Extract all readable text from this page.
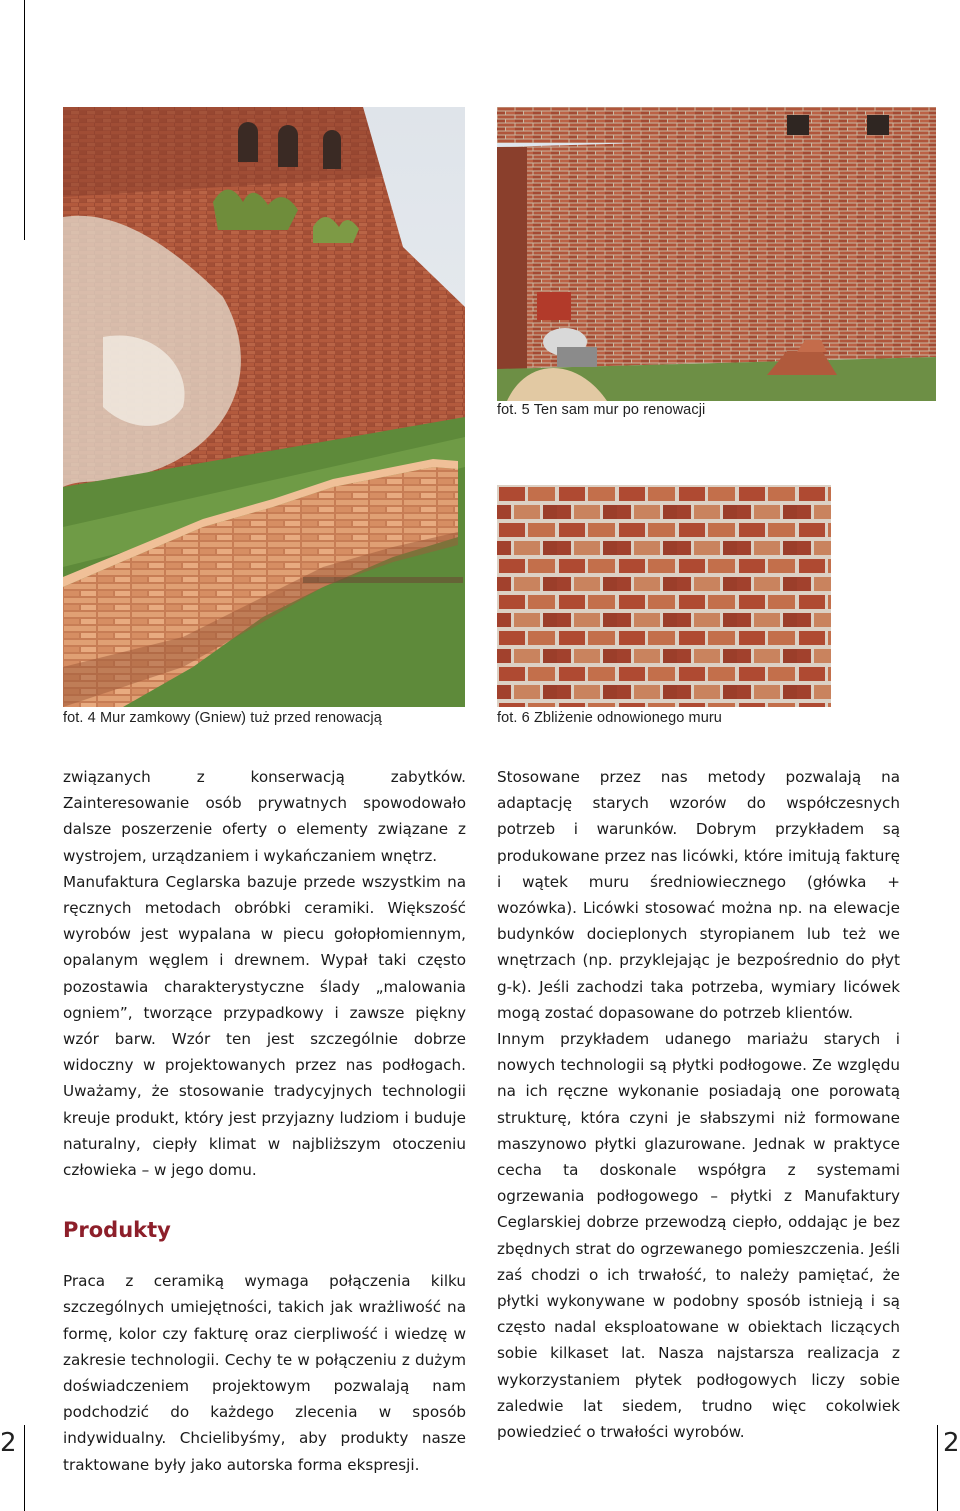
fot. 5 Ten sam mur po renowacji
fot. 4 Mur zamkowy (Gniew) tuż przed renowacją	fot. 6 Zbliżenie odnowionego muru

związanych z konserwacją zabytków. Zainteresowanie osób prywatnych spowodowało dalsze poszerzenie oferty o elementy związane z wystrojem, urządzaniem i wykańczaniem wnętrz.

Manufaktura Ceglarska bazuje przede wszystkim na ręcznych metodach obróbki ceramiki. Większość wyrobów jest wypalana w piecu gołopłomiennym, opalanym węglem i drewnem. Wypał taki często pozostawia charakterystyczne ślady „malowania ogniem”, tworzące przypadkowy i zawsze piękny wzór barw. Wzór ten jest szczególnie dobrze widoczny w projektowanych przez nas podłogach. Uważamy, że stosowanie tradycyjnych technologii kreuje produkt, który jest przyjazny ludziom i buduje naturalny, ciepły klimat w najbliższym otoczeniu człowieka – w jego domu.

Produkty

Praca z ceramiką wymaga połączenia kilku szczególnych umiejętności, takich jak wrażliwość na formę, kolor czy fakturę oraz cierpliwość i wiedzę w zakresie technologii. Cechy te w połączeniu z dużym doświadczeniem projektowym pozwalają nam podchodzić do każdego zlecenia w sposób indywidualny. Chcielibyśmy, aby produkty nasze traktowane były jako autorska forma ekspresji.

Stosowane przez nas metody pozwalają na adaptację starych wzorów do współczesnych potrzeb i warunków. Dobrym przykładem są produkowane przez nas licówki, które imitują fakturę i wątek muru średniowiecznego (główka + wozówka). Licówki stosować można np. na elewacje budynków docieplonych styropianem lub też we wnętrzach (np. przyklejając je bezpośrednio do płyt g-k). Jeśli zachodzi taka potrzeba, wymiary licówek mogą zostać dopasowane do potrzeb klientów.

Innym przykładem udanego mariażu starych i nowych technologii są płytki podłogowe. Ze względu na ich ręczne wykonanie posiadają one porowatą strukturę, która czyni je słabszymi niż formowane maszynowo płytki glazurowane. Jednak w praktyce cecha ta doskonale współgra z systemami ogrzewania podłogowego – płytki z Manufaktury Ceglarskiej dobrze przewodzą ciepło, oddając je bez zbędnych strat do ogrzewanego pomieszczenia. Jeśli zaś chodzi o ich trwałość, to należy pamiętać, że płytki wykonywane w podobny sposób istnieją i są często nadal eksploatowane w obiektach liczących sobie kilkaset lat. Nasza najstarsza realizacja z wykorzystaniem płytek podłogowych liczy sobie zaledwie lat siedem, trudno więc cokolwiek powiedzieć o trwałości wyrobów.

2	2
